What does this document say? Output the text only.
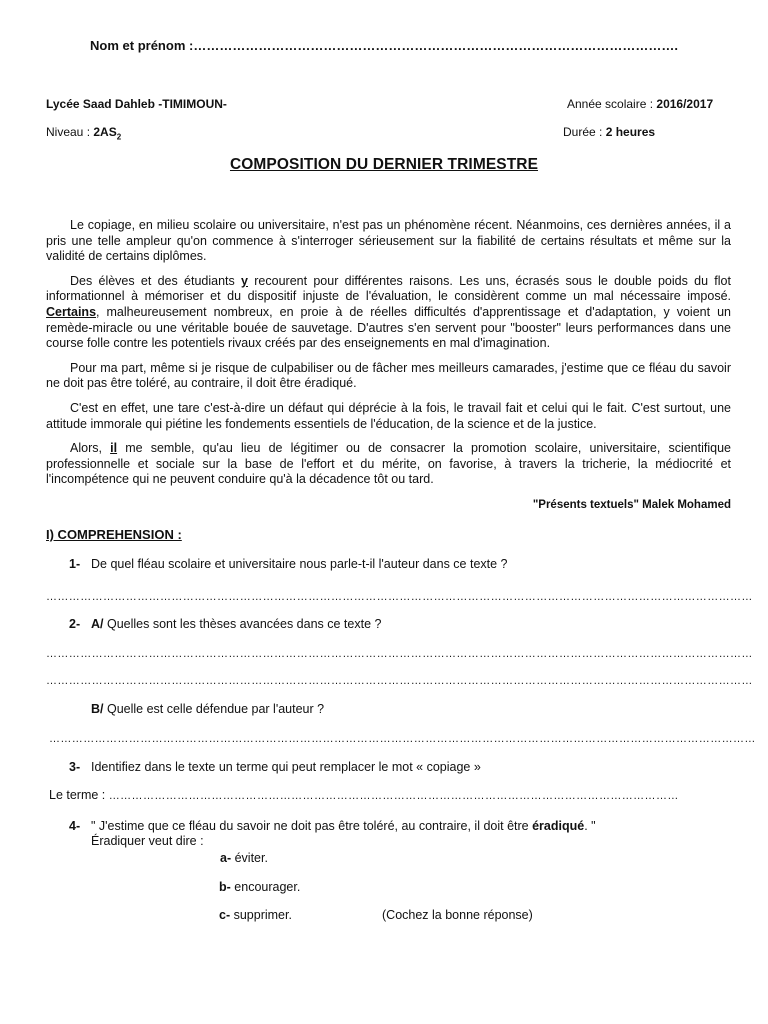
Nom et prénom :………………………………………………………………………………………………….
Lycée Saad Dahleb -TIMIMOUN-	Année scolaire : 2016/2017
Niveau : $2AS_2$	Durée : 2 heures
COMPOSITION DU DERNIER TRIMESTRE

Le copiage, en milieu scolaire ou universitaire, n'est pas un phénomène récent. Néanmoins, ces dernières années, il a pris une telle ampleur qu'on commence à s'interroger sérieusement sur la fiabilité de certains résultats et même sur la validité de certains diplômes.

Des élèves et des étudiants y recourent pour différentes raisons. Les uns, écrasés sous le double poids du flot informationnel à mémoriser et du dispositif injuste de l'évaluation, le considèrent comme un mal nécessaire imposé. Certains, malheureusement nombreux, en proie à de réelles difficultés d'apprentissage et d'adaptation, y voient un remède-miracle ou une véritable bouée de sauvetage. D'autres s'en servent pour "booster" leurs performances dans une course folle contre les potentiels rivaux créés par des enseignements en mal d'imagination.

Pour ma part, même si je risque de culpabiliser ou de fâcher mes meilleurs camarades, j'estime que ce fléau du savoir ne doit pas être toléré, au contraire, il doit être éradiqué.

C'est en effet, une tare c'est-à-dire un défaut qui déprécie à la fois, le travail fait et celui qui le fait. C'est surtout, une attitude immorale qui piétine les fondements essentiels de l'éducation, de la science et de la justice.

Alors, il me semble, qu'au lieu de légitimer ou de consacrer la promotion scolaire, universitaire, scientifique professionnelle et sociale sur la base de l'effort et du mérite, on favorise, à travers la tricherie, la médiocrité et l'incompétence qui ne peuvent conduire qu'à la décadence tôt ou tard.

"Présents textuels" Malek Mohamed
I) COMPREHENSION :
1- De quel fléau scolaire et universitaire nous parle-t-il l'auteur dans ce texte ?
……………………………………………………………………………………………………………………………………………………………………
2- A/ Quelles sont les thèses avancées dans ce texte ?
……………………………………………………………………………………………………………………………………………………………………
……………………………………………………………………………………………………………………………………………………………………
B/ Quelle est celle défendue par l'auteur ?
……………………………………………………………………………………………………………………………………………………………………
3- Identifiez dans le texte un terme qui peut remplacer le mot « copiage »
Le terme : ……………………………………………………………………………………………………………………………………
4- " J'estime que ce fléau du savoir ne doit pas être toléré, au contraire, il doit être éradiqué. "
Éradiquer veut dire :
a- éviter.
b- encourager.
c- supprimer.	(Cochez la bonne réponse)
